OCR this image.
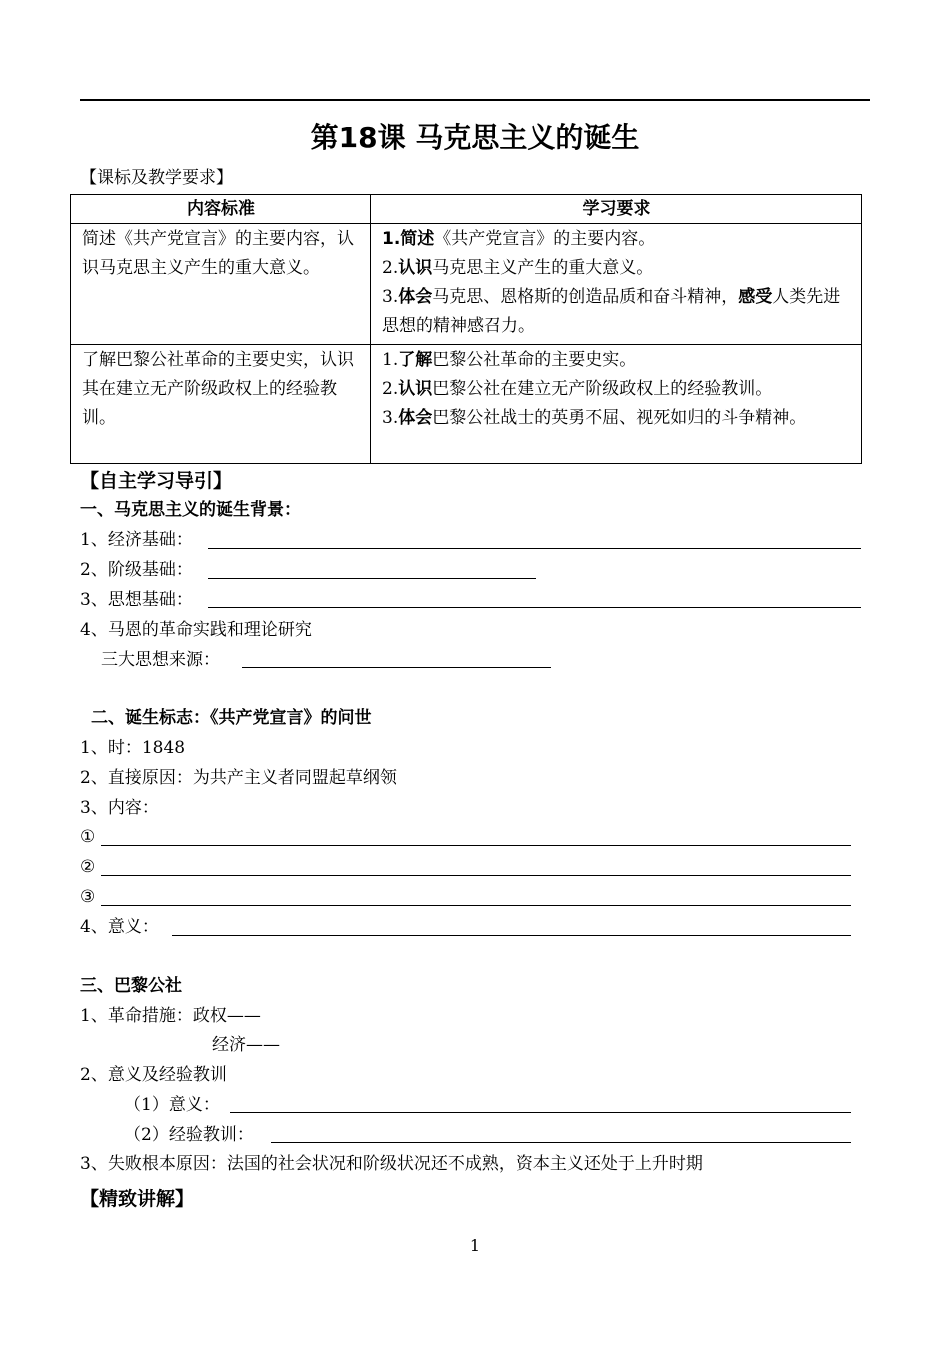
第18课 马克思主义的诞生
【课标及教学要求】
内容标准	学习要求
简述《共产党宣言》的主要内容，认识马克思主义产生的重大意义。	1.简述《共产党宣言》的主要内容。
2.认识马克思主义产生的重大意义。
3.体会马克思、恩格斯的创造品质和奋斗精神，感受人类先进思想的精神感召力。

了解巴黎公社革命的主要史实，认识其在建立无产阶级政权上的经验教训。	1.了解巴黎公社革命的主要史实。
2.认识巴黎公社在建立无产阶级政权上的经验教训。
3.体会巴黎公社战士的英勇不屈、视死如归的斗争精神。
【自主学习导引】
一、马克思主义的诞生背景：
1、经济基础：
2、阶级基础：
3、思想基础：
4、马恩的革命实践和理论研究
三大思想来源：
二、诞生标志：《共产党宣言》的问世
1、时：1848
2、直接原因：为共产主义者同盟起草纲领
3、内容：
①
②
③
4、意义：
三、巴黎公社
1、革命措施：政权——
经济——
2、意义及经验教训
（1）意义：
（2）经验教训：
3、失败根本原因：法国的社会状况和阶级状况还不成熟，资本主义还处于上升时期
【精致讲解】
1
